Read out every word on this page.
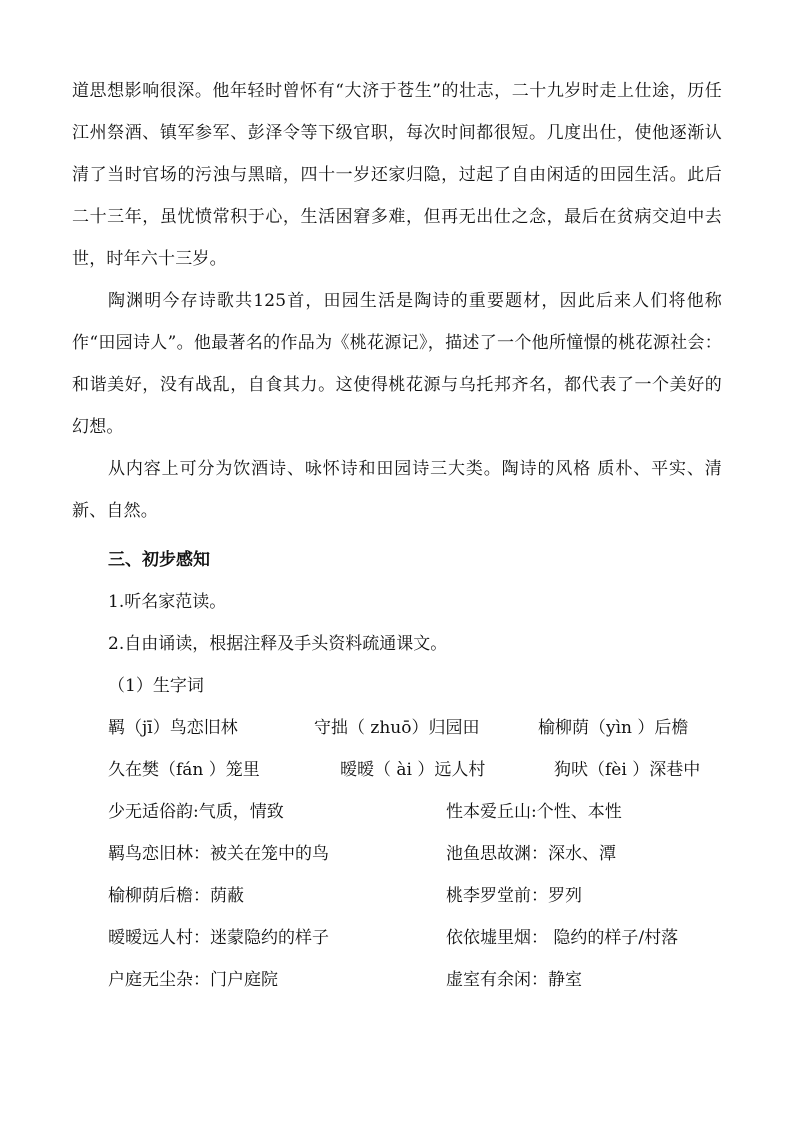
道思想影响很深。他年轻时曾怀有“大济于苍生”的壮志，二十九岁时走上仕途，历任江州祭酒、镇军参军、彭泽令等下级官职，每次时间都很短。几度出仕，使他逐渐认清了当时官场的污浊与黑暗，四十一岁还家归隐，过起了自由闲适的田园生活。此后二十三年，虽忧愤常积于心，生活困窘多难，但再无出仕之念，最后在贫病交迫中去世，时年六十三岁。

陶渊明今存诗歌共125首，田园生活是陶诗的重要题材，因此后来人们将他称作“田园诗人”。他最著名的作品为《桃花源记》，描述了一个他所憧憬的桃花源社会：和谐美好，没有战乱，自食其力。这使得桃花源与乌托邦齐名，都代表了一个美好的幻想。

从内容上可分为饮酒诗、咏怀诗和田园诗三大类。陶诗的风格 质朴、平实、清新、自然。

三、初步感知

1.听名家范读。

2.自由诵读，根据注释及手头资料疏通课文。

（1）生字词

羁（jī）鸟恋旧林	守拙（ zhuō）归园田	榆柳荫（yìn ）后檐
久在樊（fán ）笼里	暧暧（ ài ）远人村	狗吠（fèi ）深巷中
少无适俗韵:气质，情致	性本爱丘山:个性、本性
羁鸟恋旧林：被关在笼中的鸟	池鱼思故渊：深水、潭
榆柳荫后檐：荫蔽	桃李罗堂前：罗列
暧暧远人村：迷蒙隐约的样子	依依墟里烟： 隐约的样子/村落
户庭无尘杂：门户庭院	虚室有余闲：静室
